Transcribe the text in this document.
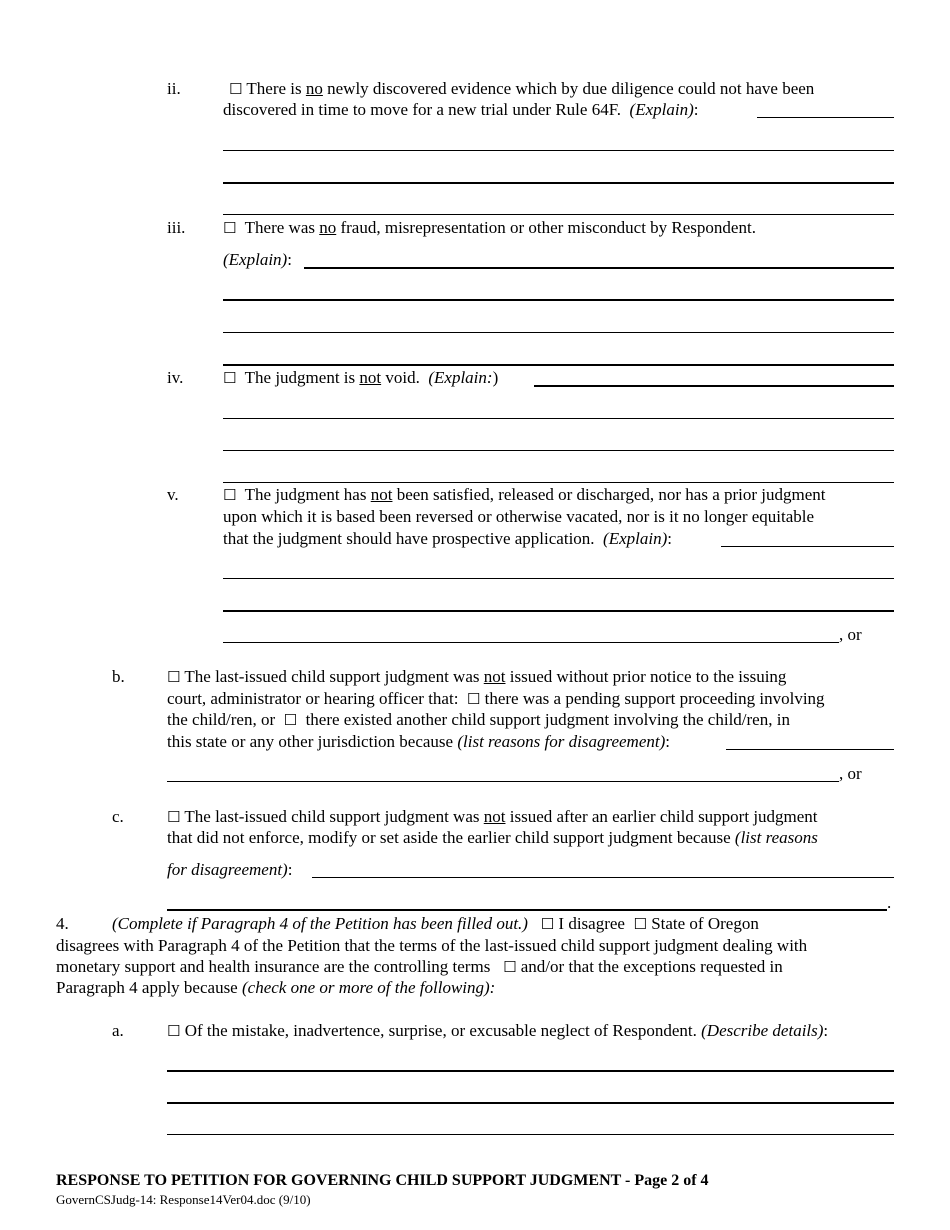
ii.	☐ There is no newly discovered evidence which by due diligence could not have been
discovered in time to move for a new trial under Rule 64F. (Explain):
iii.	☐ There was no fraud, misrepresentation or other misconduct by Respondent.
(Explain):
iv.	☐ The judgment is not void. (Explain:)
v.	☐ The judgment has not been satisfied, released or discharged, nor has a prior judgment
upon which it is based been reversed or otherwise vacated, nor is it no longer equitable
that the judgment should have prospective application. (Explain):
, or
b.	☐ The last-issued child support judgment was not issued without prior notice to the issuing
court, administrator or hearing officer that: ☐ there was a pending support proceeding involving
the child/ren, or ☐ there existed another child support judgment involving the child/ren, in
this state or any other jurisdiction because (list reasons for disagreement):
, or
c.	☐ The last-issued child support judgment was not issued after an earlier child support judgment
that did not enforce, modify or set aside the earlier child support judgment because (list reasons
for disagreement):
.
4.	(Complete if Paragraph 4 of the Petition has been filled out.) ☐ I disagree ☐ State of Oregon
disagrees with Paragraph 4 of the Petition that the terms of the last-issued child support judgment dealing with
monetary support and health insurance are the controlling terms ☐ and/or that the exceptions requested in
Paragraph 4 apply because (check one or more of the following):
a.	☐ Of the mistake, inadvertence, surprise, or excusable neglect of Respondent. (Describe details):
RESPONSE TO PETITION FOR GOVERNING CHILD SUPPORT JUDGMENT - Page 2 of 4
GovernCSJudg-14: Response14Ver04.doc (9/10)
